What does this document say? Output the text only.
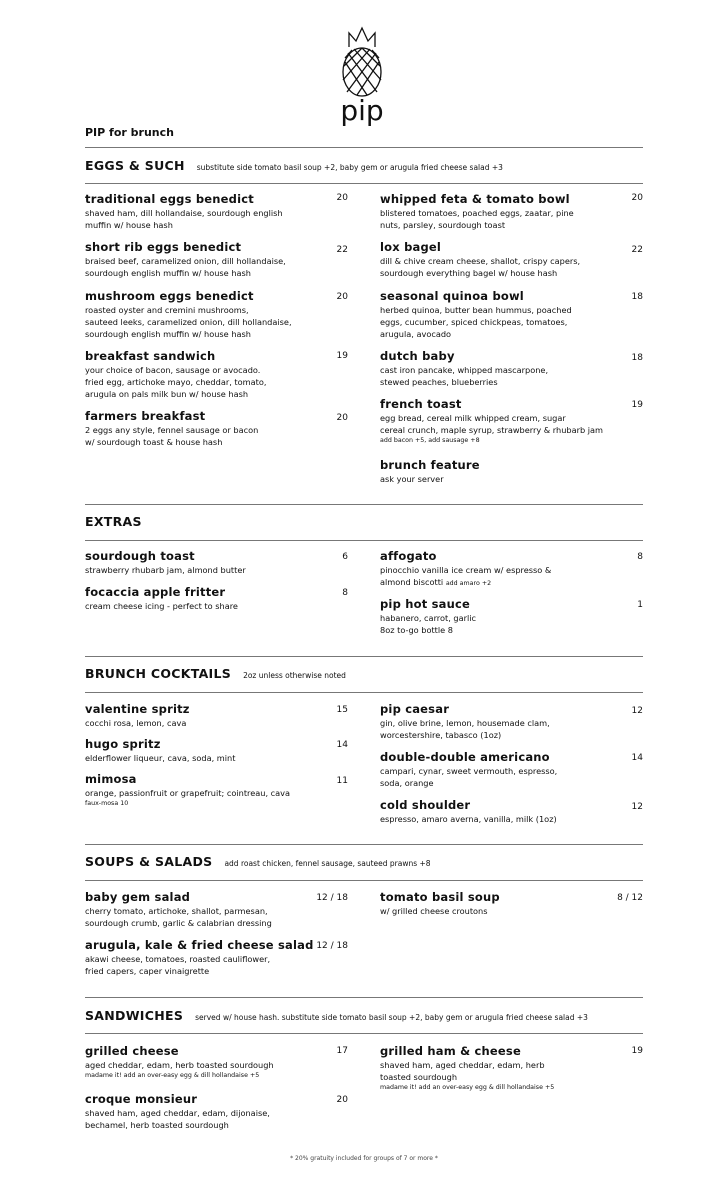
pip
PIP for brunch
EGGS & SUCH substitute side tomato basil soup +2, baby gem or arugula fried cheese salad +3
traditional eggs benedict
shaved ham, dill hollandaise, sourdough english
muffin w/ house hash
20
short rib eggs benedict
braised beef, caramelized onion, dill hollandaise,
sourdough english muffin w/ house hash
22
mushroom eggs benedict
roasted oyster and cremini mushrooms,
sauteed leeks, caramelized onion, dill hollandaise,
sourdough english muffin w/ house hash
20
breakfast sandwich
your choice of bacon, sausage or avocado.
fried egg, artichoke mayo, cheddar, tomato,
arugula on pals milk bun w/ house hash
19
farmers breakfast
2 eggs any style, fennel sausage or bacon
w/ sourdough toast & house hash
20
whipped feta & tomato bowl
blistered tomatoes, poached eggs, zaatar, pine
nuts, parsley, sourdough toast
20
lox bagel
dill & chive cream cheese, shallot, crispy capers,
sourdough everything bagel w/ house hash
22
seasonal quinoa bowl
herbed quinoa, butter bean hummus, poached
eggs, cucumber, spiced chickpeas, tomatoes,
arugula, avocado
18
dutch baby
cast iron pancake, whipped mascarpone,
stewed peaches, blueberries
18
french toast
egg bread, cereal milk whipped cream, sugar
cereal crunch, maple syrup, strawberry & rhubarb jam
add bacon +5, add sausage +8
19
brunch feature
ask your server
EXTRAS
sourdough toast
strawberry rhubarb jam, almond butter
6
focaccia apple fritter
cream cheese icing - perfect to share
8
affogato
pinocchio vanilla ice cream w/ espresso &
almond biscotti add amaro +2
8
pip hot sauce
habanero, carrot, garlic
8oz to-go bottle 8
1
BRUNCH COCKTAILS 2oz unless otherwise noted
valentine spritz
cocchi rosa, lemon, cava
15
hugo spritz
elderflower liqueur, cava, soda, mint
14
mimosa
orange, passionfruit or grapefruit; cointreau, cava
faux-mosa 10
11
pip caesar
gin, olive brine, lemon, housemade clam,
worcestershire, tabasco (1oz)
12
double-double americano
campari, cynar, sweet vermouth, espresso,
soda, orange
14
cold shoulder
espresso, amaro averna, vanilla, milk (1oz)
12
SOUPS & SALADS add roast chicken, fennel sausage, sauteed prawns +8
baby gem salad
cherry tomato, artichoke, shallot, parmesan,
sourdough crumb, garlic & calabrian dressing
12 / 18
arugula, kale & fried cheese salad
akawi cheese, tomatoes, roasted cauliflower,
fried capers, caper vinaigrette
12 / 18
tomato basil soup
w/ grilled cheese croutons
8 / 12
SANDWICHES served w/ house hash. substitute side tomato basil soup +2, baby gem or arugula fried cheese salad +3
grilled cheese
aged cheddar, edam, herb toasted sourdough
madame it! add an over-easy egg & dill hollandaise +5
17
croque monsieur
shaved ham, aged cheddar, edam, dijonaise,
bechamel, herb toasted sourdough
20
grilled ham & cheese
shaved ham, aged cheddar, edam, herb
toasted sourdough
madame it! add an over-easy egg & dill hollandaise +5
19
* 20% gratuity included for groups of 7 or more *
